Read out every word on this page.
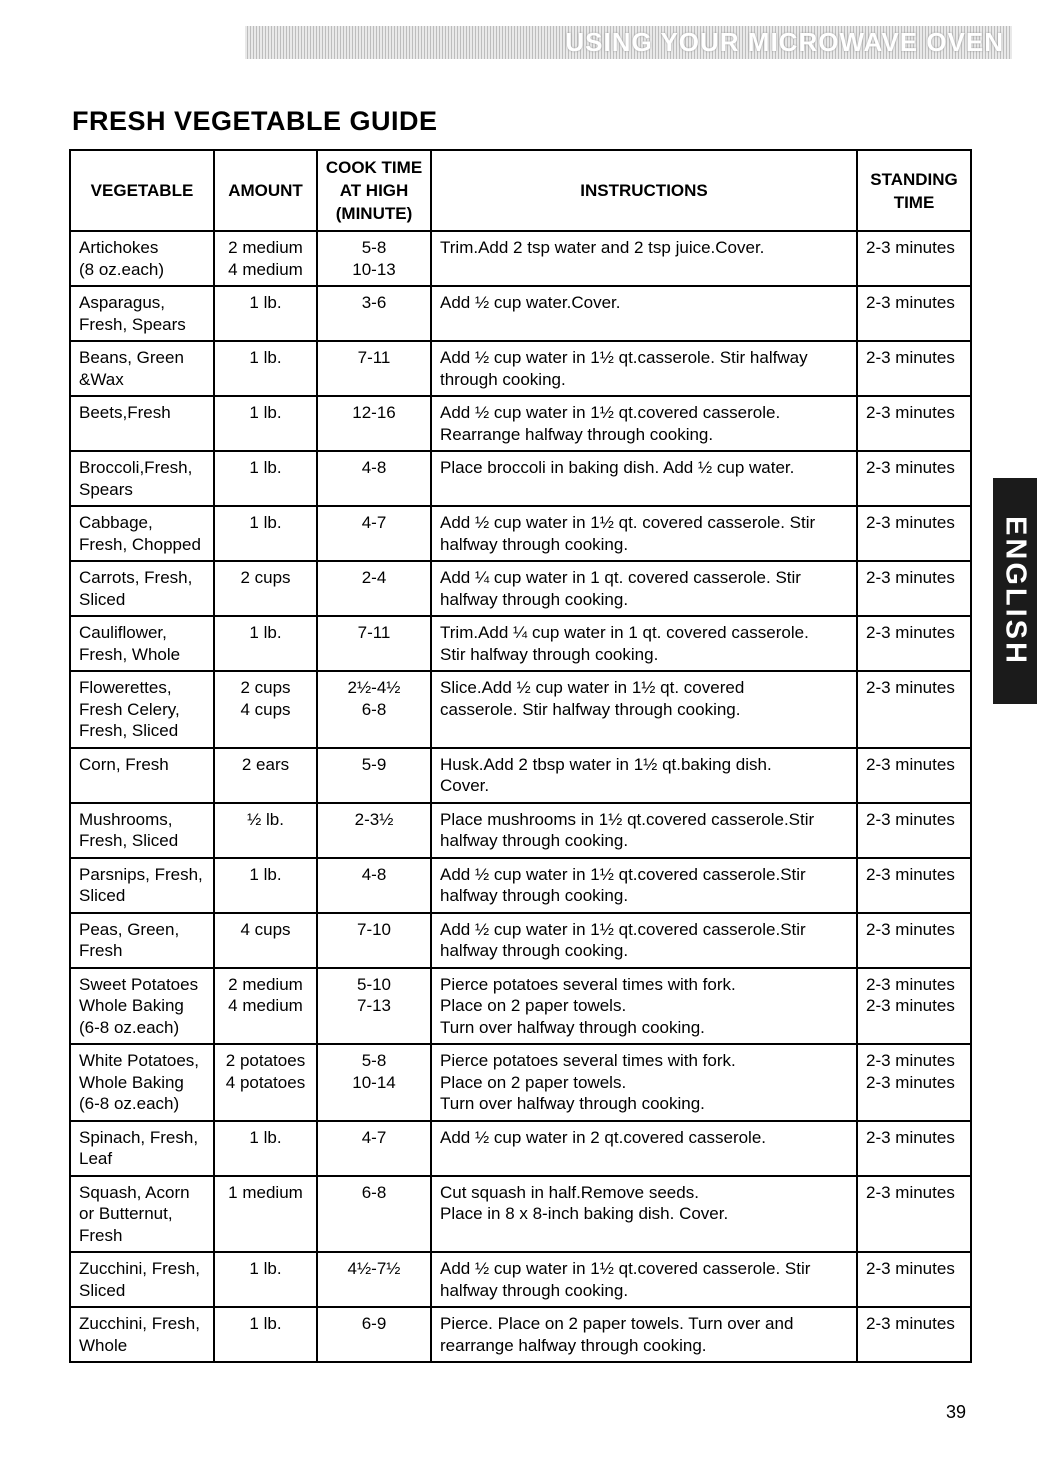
USING YOUR MICROWAVE OVEN
FRESH VEGETABLE GUIDE
VEGETABLE	AMOUNT	COOK TIME
AT HIGH
(MINUTE)	INSTRUCTIONS	STANDING
TIME

Artichokes
(8 oz.each)	2 medium
4 medium	5-8
10-13	Trim.Add 2 tsp water and 2 tsp juice.Cover.	2-3 minutes

Asparagus,
Fresh, Spears	1 lb.	3-6	Add ½ cup water.Cover.	2-3 minutes

Beans, Green
&Wax	1 lb.	7-11	Add ½ cup water in 1½ qt.casserole. Stir halfway
through cooking.	2-3 minutes

Beets,Fresh	1 lb.	12-16	Add ½ cup water in 1½ qt.covered casserole.
Rearrange halfway through cooking.	2-3 minutes

Broccoli,Fresh,
Spears	1 lb.	4-8	Place broccoli in baking dish. Add ½ cup water.	2-3 minutes

Cabbage,
Fresh, Chopped	1 lb.	4-7	Add ½ cup water in 1½ qt. covered casserole. Stir
halfway through cooking.	2-3 minutes

Carrots, Fresh,
Sliced	2 cups	2-4	Add ¼ cup water in 1 qt. covered casserole. Stir
halfway through cooking.	2-3 minutes

Cauliflower,
Fresh, Whole	1 lb.	7-11	Trim.Add ¼ cup water in 1 qt. covered casserole.
Stir halfway through cooking.	2-3 minutes

Flowerettes,
Fresh Celery,
Fresh, Sliced	2 cups
4 cups	2½-4½
6-8	Slice.Add ½ cup water in 1½ qt. covered
casserole. Stir halfway through cooking.	2-3 minutes

Corn, Fresh	2 ears	5-9	Husk.Add 2 tbsp water in 1½ qt.baking dish.
Cover.	2-3 minutes

Mushrooms,
Fresh, Sliced	½ lb.	2-3½	Place mushrooms in 1½ qt.covered casserole.Stir
halfway through cooking.	2-3 minutes

Parsnips, Fresh,
Sliced	1 lb.	4-8	Add ½ cup water in 1½ qt.covered casserole.Stir
halfway through cooking.	2-3 minutes

Peas, Green,
Fresh	4 cups	7-10	Add ½ cup water in 1½ qt.covered casserole.Stir
halfway through cooking.	2-3 minutes

Sweet Potatoes
Whole Baking
(6-8 oz.each)	2 medium
4 medium	5-10
7-13	Pierce potatoes several times with fork.
Place on 2 paper towels.
Turn over halfway through cooking.	2-3 minutes
2-3 minutes

White Potatoes,
Whole Baking
(6-8 oz.each)	2 potatoes
4 potatoes	5-8
10-14	Pierce potatoes several times with fork.
Place on 2 paper towels.
Turn over halfway through cooking.	2-3 minutes
2-3 minutes

Spinach, Fresh,
Leaf	1 lb.	4-7	Add ½ cup water in 2 qt.covered casserole.	2-3 minutes

Squash, Acorn
or Butternut,
Fresh	1 medium	6-8	Cut squash in half.Remove seeds.
Place in 8 x 8-inch baking dish. Cover.	2-3 minutes

Zucchini, Fresh,
Sliced	1 lb.	4½-7½	Add ½ cup water in 1½ qt.covered casserole. Stir
halfway through cooking.	2-3 minutes

Zucchini, Fresh,
Whole	1 lb.	6-9	Pierce. Place on 2 paper towels. Turn over and
rearrange halfway through cooking.	2-3 minutes
ENGLISH
39
